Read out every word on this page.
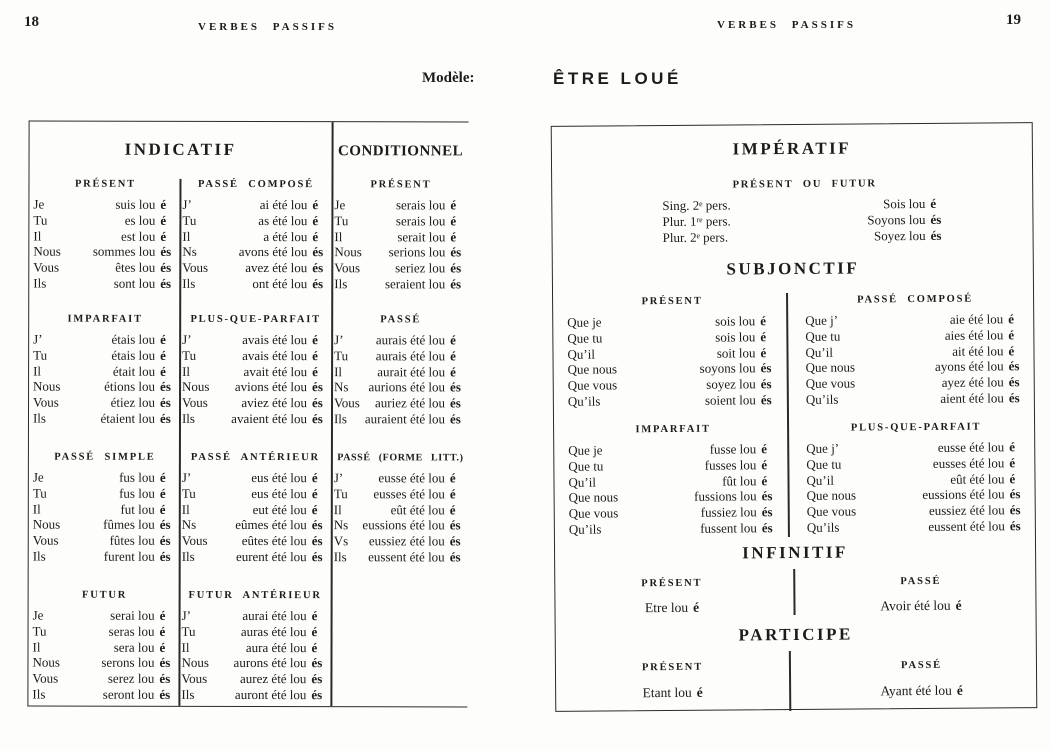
18	VERBES PASSIFS	VERBES PASSIFS	19
Modèle:	ÊTRE LOUÉ
INDICATIF	CONDITIONNEL
PRÉSENT
Je	suis lou é
Tu	es lou é
Il	est lou é
Nous	sommes lou és
Vous	êtes lou és
Ils	sont lou és
IMPARFAIT
J’	étais lou é
Tu	étais lou é
Il	était lou é
Nous	étions lou és
Vous	étiez lou és
Ils	étaient lou és
PASSÉ SIMPLE
Je	fus lou é
Tu	fus lou é
Il	fut lou é
Nous	fûmes lou és
Vous	fûtes lou és
Ils	furent lou és
FUTUR
Je	serai lou é
Tu	seras lou é
Il	sera lou é
Nous	serons lou és
Vous	serez lou és
Ils	seront lou és
PASSÉ COMPOSÉ
J’	ai été lou é
Tu	as été lou é
Il	a été lou é
Ns	avons été lou és
Vous	avez été lou és
Ils	ont été lou és
PLUS-QUE-PARFAIT
J’	avais été lou é
Tu	avais été lou é
Il	avait été lou é
Nous	avions été lou és
Vous	aviez été lou és
Ils	avaient été lou és
PASSÉ ANTÉRIEUR
J’	eus été lou é
Tu	eus été lou é
Il	eut été lou é
Ns	eûmes été lou és
Vous	eûtes été lou és
Ils	eurent été lou és
FUTUR ANTÉRIEUR
J’	aurai été lou é
Tu	auras été lou é
Il	aura été lou é
Nous	aurons été lou és
Vous	aurez été lou és
Ils	auront été lou és
PRÉSENT
Je	serais lou é
Tu	serais lou é
Il	serait lou é
Nous	serions lou és
Vous	seriez lou és
Ils	seraient lou és
PASSÉ
J’	aurais été lou é
Tu	aurais été lou é
Il	aurait été lou é
Ns	aurions été lou és
Vous	auriez été lou és
Ils	auraient été lou és
PASSÉ (FORME LITT.)
J’	eusse été lou é
Tu	eusses été lou é
Il	eût été lou é
Ns	eussions été lou és
Vs	eussiez été lou és
Ils	eussent été lou és
IMPÉRATIF
PRÉSENT OU FUTUR
Sing. 2ᵉ pers.	Sois lou é
Plur. 1ʳᵉ pers.	Soyons lou és
Plur. 2ᵉ pers.	Soyez lou és
SUBJONCTIF
PRÉSENT
Que je	sois lou é
Que tu	sois lou é
Qu’il	soit lou é
Que nous	soyons lou és
Que vous	soyez lou és
Qu’ils	soient lou és
IMPARFAIT
Que je	fusse lou é
Que tu	fusses lou é
Qu’il	fût lou é
Que nous	fussions lou és
Que vous	fussiez lou és
Qu’ils	fussent lou és
PASSÉ COMPOSÉ
Que j’	aie été lou é
Que tu	aies été lou é
Qu’il	ait été lou é
Que nous	ayons été lou és
Que vous	ayez été lou és
Qu’ils	aient été lou és
PLUS-QUE-PARFAIT
Que j’	eusse été lou é
Que tu	eusses été lou é
Qu’il	eût été lou é
Que nous	eussions été lou és
Que vous	eussiez été lou és
Qu’ils	eussent été lou és
INFINITIF
PRÉSENT	PASSÉ
Etre lou é	Avoir été lou é
PARTICIPE
PRÉSENT	PASSÉ
Etant lou é	Ayant été lou é
